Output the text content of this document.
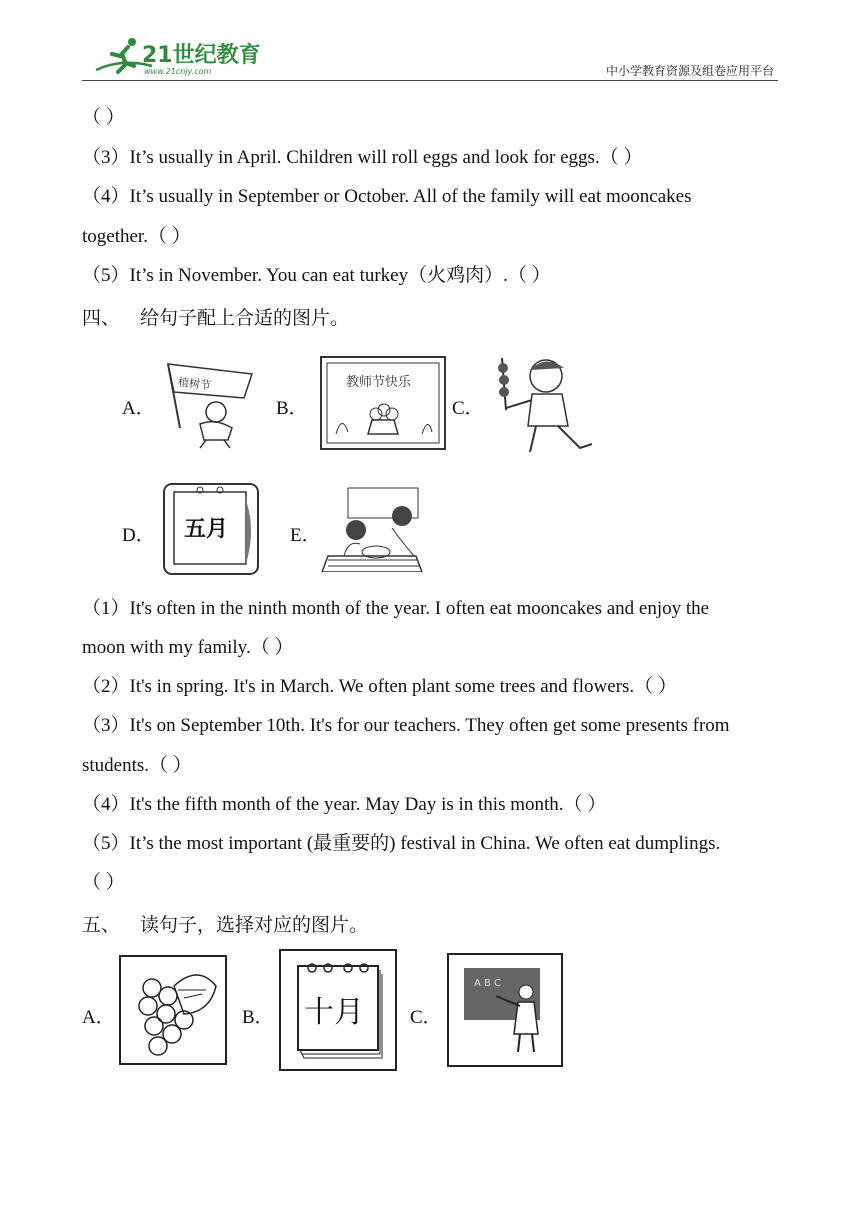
21世纪教育
www.21cnjy.com	中小学教育资源及组卷应用平台
（ ）
（3）It’s usually in April. Children will roll eggs and look for eggs.（ ）
（4）It’s usually in September or October. All of the family will eat mooncakes
together.（ ）
（5）It’s in November. You can eat turkey（火鸡肉）.（ ）
四、 给句子配上合适的图片。
A．
植树节
B．
教师节快乐
C．
D． 五月	E．
（1）It's often in the ninth month of the year. I often eat mooncakes and enjoy the
moon with my family.（ ）
（2）It's in spring. It's in March. We often plant some trees and flowers.（ ）
（3）It's on September 10th. It's for our teachers. They often get some presents from
students.（ ）
（4）It's the fifth month of the year. May Day is in this month.（ ）
（5）It’s the most important (最重要的) festival in China. We often eat dumplings.
（ ）
五、 读句子，选择对应的图片。
A．	B． 十月 C．
A B C
